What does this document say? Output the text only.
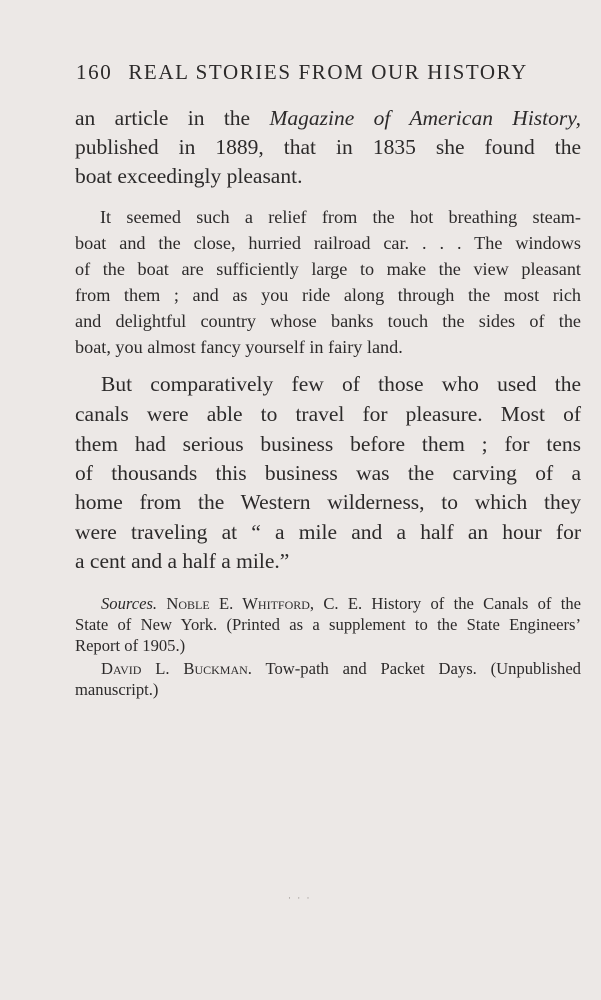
160 REAL STORIES FROM OUR HISTORY
an article in the Magazine of American History,
published in 1889, that in 1835 she found the
boat exceedingly pleasant.
It seemed such a relief from the hot breathing steam-
boat and the close, hurried railroad car. . . . The windows
of the boat are sufficiently large to make the view pleasant
from them ; and as you ride along through the most rich
and delightful country whose banks touch the sides of the
boat, you almost fancy yourself in fairy land.
But comparatively few of those who used the
canals were able to travel for pleasure. Most of
them had serious business before them ; for tens
of thousands this business was the carving of a
home from the Western wilderness, to which they
were traveling at “ a mile and a half an hour for
a cent and a half a mile.”
Sources. Noble E. Whitford, C. E. History of the Canals of the
State of New York. (Printed as a supplement to the State Engineers’
Report of 1905.)
David L. Buckman. Tow-path and Packet Days. (Unpublished
manuscript.)
· · ·
